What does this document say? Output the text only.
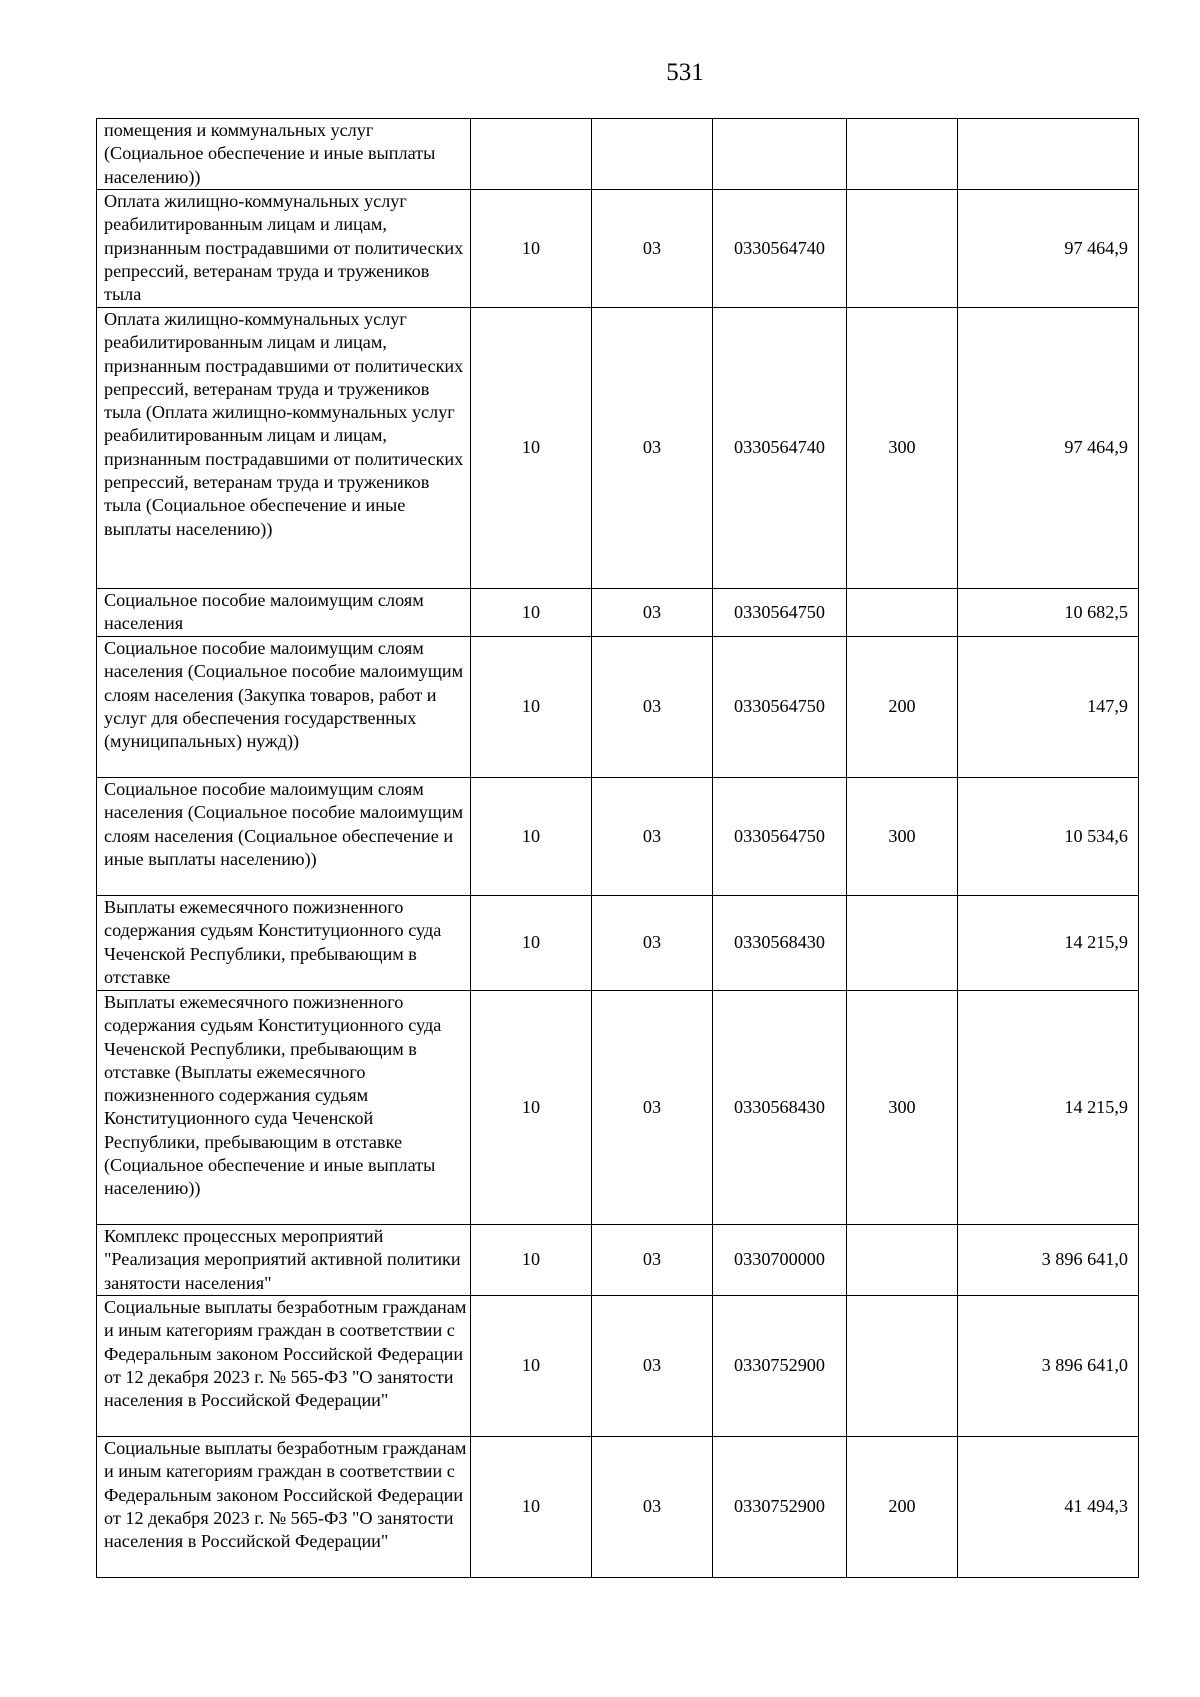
531
помещения и коммунальных услуг (Социальное обеспечение и иные выплаты населению))					
Оплата жилищно-коммунальных услуг реабилитированным лицам и лицам, признанным пострадавшими от политических репрессий, ветеранам труда и тружеников тыла	10	03	0330564740		97 464,9
Оплата жилищно-коммунальных услуг реабилитированным лицам и лицам, признанным пострадавшими от политических репрессий, ветеранам труда и тружеников тыла (Оплата жилищно-коммунальных услуг реабилитированным лицам и лицам, признанным пострадавшими от политических репрессий, ветеранам труда и тружеников тыла (Социальное обеспечение и иные выплаты населению))	10	03	0330564740	300	97 464,9
Социальное пособие малоимущим слоям населения	10	03	0330564750		10 682,5
Социальное пособие малоимущим слоям населения (Социальное пособие малоимущим слоям населения (Закупка товаров, работ и услуг для обеспечения государственных (муниципальных) нужд))	10	03	0330564750	200	147,9
Социальное пособие малоимущим слоям населения (Социальное пособие малоимущим слоям населения (Социальное обеспечение и иные выплаты населению))	10	03	0330564750	300	10 534,6
Выплаты ежемесячного пожизненного содержания судьям Конституционного суда Чеченской Республики, пребывающим в отставке	10	03	0330568430		14 215,9
Выплаты ежемесячного пожизненного содержания судьям Конституционного суда Чеченской Республики, пребывающим в отставке (Выплаты ежемесячного пожизненного содержания судьям Конституционного суда Чеченской Республики, пребывающим в отставке (Социальное обеспечение и иные выплаты населению))	10	03	0330568430	300	14 215,9
Комплекс процессных мероприятий "Реализация мероприятий активной политики занятости населения"	10	03	0330700000		3 896 641,0
Социальные выплаты безработным гражданам и иным категориям граждан в соответствии с Федеральным законом Российской Федерации от 12 декабря 2023 г. № 565-ФЗ "О занятости населения в Российской Федерации"	10	03	0330752900		3 896 641,0
Социальные выплаты безработным гражданам и иным категориям граждан в соответствии с Федеральным законом Российской Федерации от 12 декабря 2023 г. № 565-ФЗ "О занятости населения в Российской Федерации"	10	03	0330752900	200	41 494,3
